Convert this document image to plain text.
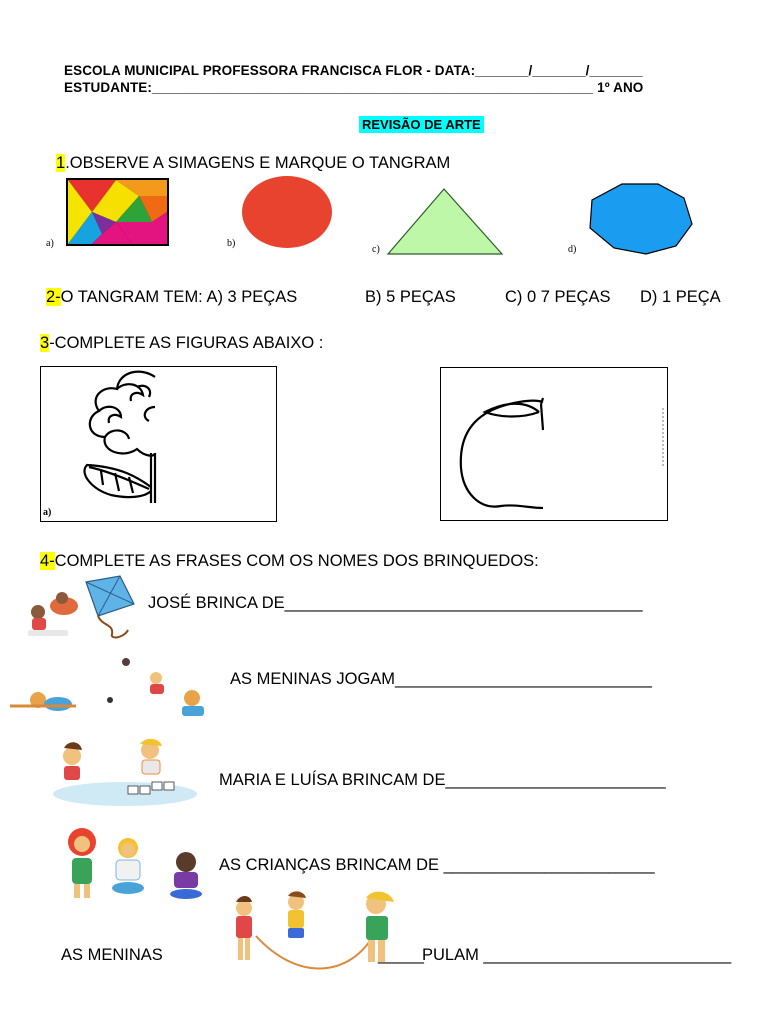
ESCOLA MUNICIPAL PROFESSORA FRANCISCA FLOR - DATA:_______/_______/_______
ESTUDANTE:__________________________________________________________ 1º ANO
REVISÃO DE ARTE
1.OBSERVE A SIMAGENS E MARQUE O TANGRAM
a)	b)
c)	d)
2-O TANGRAM TEM: A) 3 PEÇAS	B) 5 PEÇAS	C) 0 7 PEÇAS D) 1 PEÇA
3-COMPLETE AS FIGURAS ABAIXO :
a)
4-COMPLETE AS FRASES COM OS NOMES DOS BRINQUEDOS:
JOSÉ BRINCA DE_______________________________________
AS MENINAS JOGAM____________________________
MARIA E LUÍSA BRINCAM DE________________________
AS CRIANÇAS BRINCAM DE _______________________
AS MENINAS	_____
PULAM ___________________________
